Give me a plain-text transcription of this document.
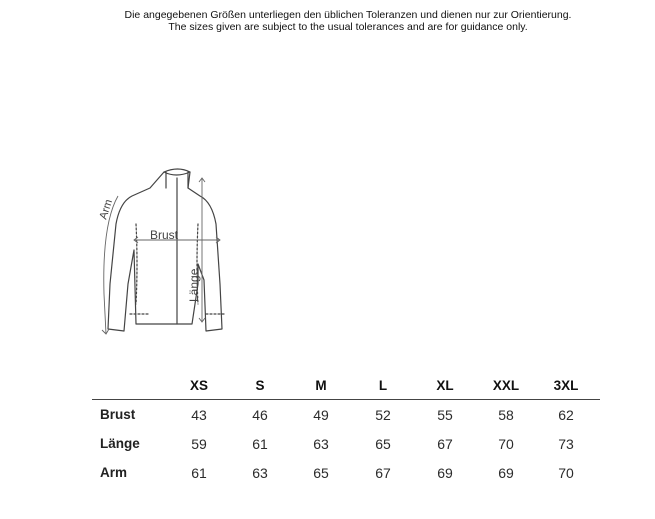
Die angegebenen Größen unterliegen den üblichen Toleranzen und dienen nur zur Orientierung.
The sizes given are subject to the usual tolerances and are for guidance only.
Brust
Länge
Arm
XS	S	M	L	XL	XXL	3XL
Brust	43	46	49	52	55	58	62
Länge	59	61	63	65	67	70	73
Arm	61	63	65	67	69	69	70
